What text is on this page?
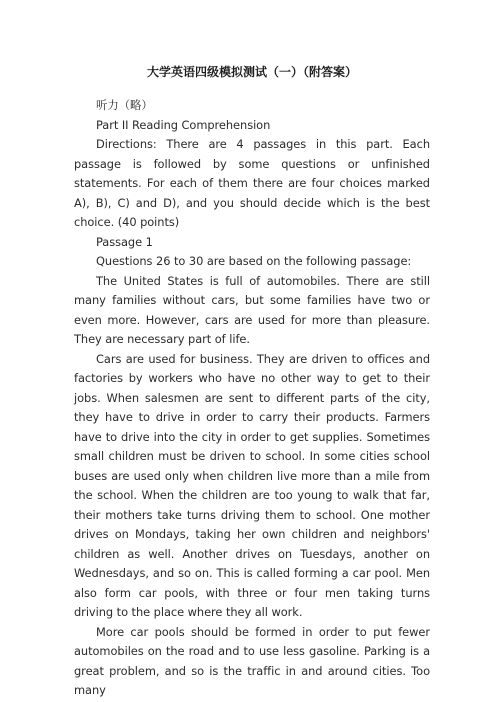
大学英语四级模拟测试（一）（附答案）

听力（略）

Part II Reading Comprehension

Directions: There are 4 passages in this part. Each passage is followed by some questions or unfinished statements. For each of them there are four choices marked A), B), C) and D), and you should decide which is the best choice. (40 points)

Passage 1

Questions 26 to 30 are based on the following passage:

The United States is full of automobiles. There are still many families without cars, but some families have two or even more. However, cars are used for more than pleasure. They are necessary part of life.

Cars are used for business. They are driven to offices and factories by workers who have no other way to get to their jobs. When salesmen are sent to different parts of the city, they have to drive in order to carry their products. Farmers have to drive into the city in order to get supplies. Sometimes small children must be driven to school. In some cities school buses are used only when children live more than a mile from the school. When the children are too young to walk that far, their mothers take turns driving them to school. One mother drives on Mondays, taking her own children and neighbors' children as well. Another drives on Tuesdays, another on Wednesdays, and so on. This is called forming a car pool. Men also form car pools, with three or four men taking turns driving to the place where they all work.

More car pools should be formed in order to put fewer automobiles on the road and to use less gasoline. Parking is a great problem, and so is the traffic in and around cities. Too many
